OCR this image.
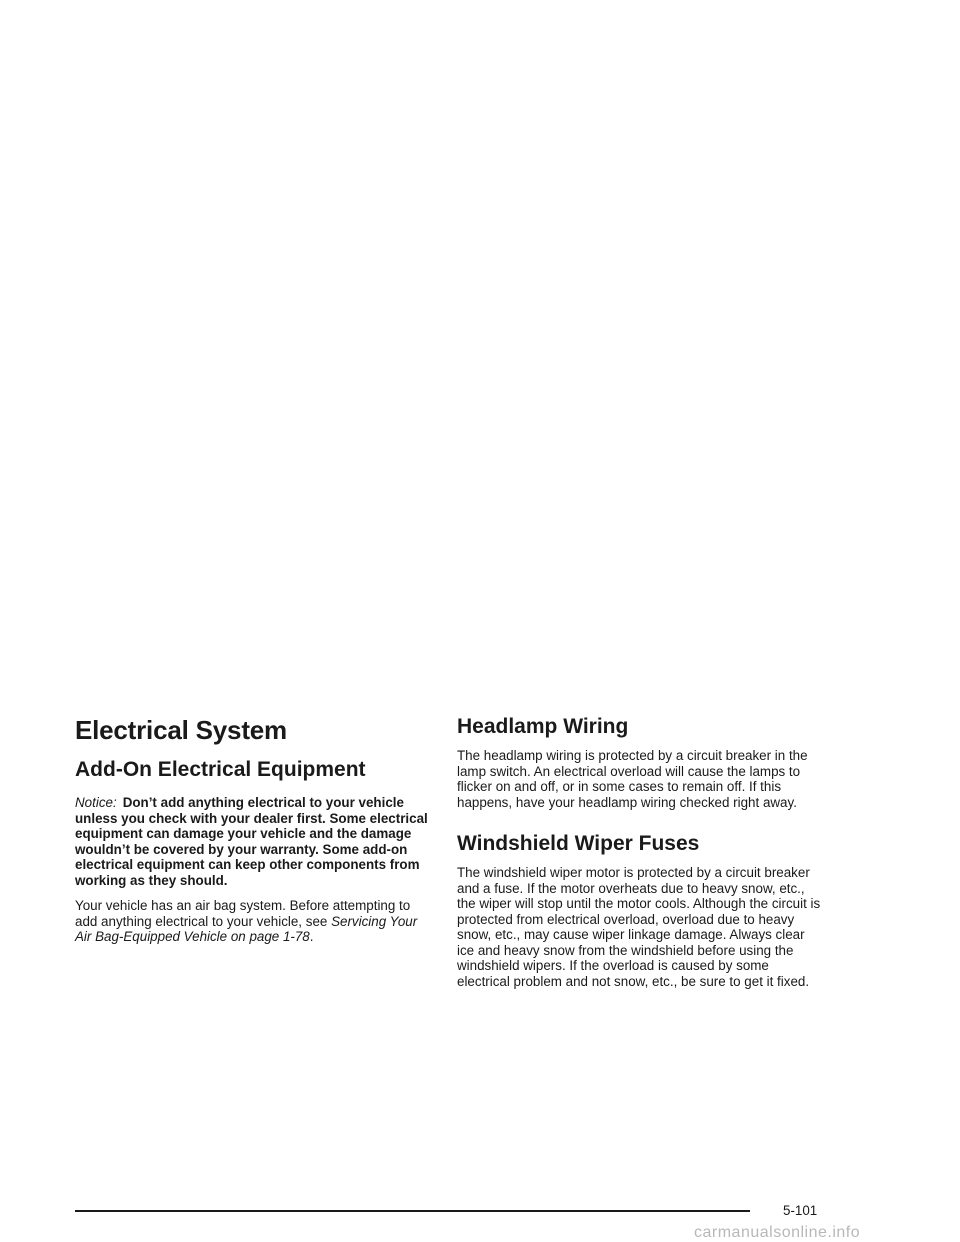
Electrical System
Add-On Electrical Equipment

Notice: Don’t add anything electrical to your vehicle unless you check with your dealer first. Some electrical equipment can damage your vehicle and the damage wouldn’t be covered by your warranty. Some add-on electrical equipment can keep other components from working as they should.

Your vehicle has an air bag system. Before attempting to add anything electrical to your vehicle, see Servicing Your Air Bag-Equipped Vehicle on page 1-78.

Headlamp Wiring

The headlamp wiring is protected by a circuit breaker in the lamp switch. An electrical overload will cause the lamps to flicker on and off, or in some cases to remain off. If this happens, have your headlamp wiring checked right away.

Windshield Wiper Fuses

The windshield wiper motor is protected by a circuit breaker and a fuse. If the motor overheats due to heavy snow, etc., the wiper will stop until the motor cools. Although the circuit is protected from electrical overload, overload due to heavy snow, etc., may cause wiper linkage damage. Always clear ice and heavy snow from the windshield before using the windshield wipers. If the overload is caused by some electrical problem and not snow, etc., be sure to get it fixed.

5-101
carmanualsonline.info
